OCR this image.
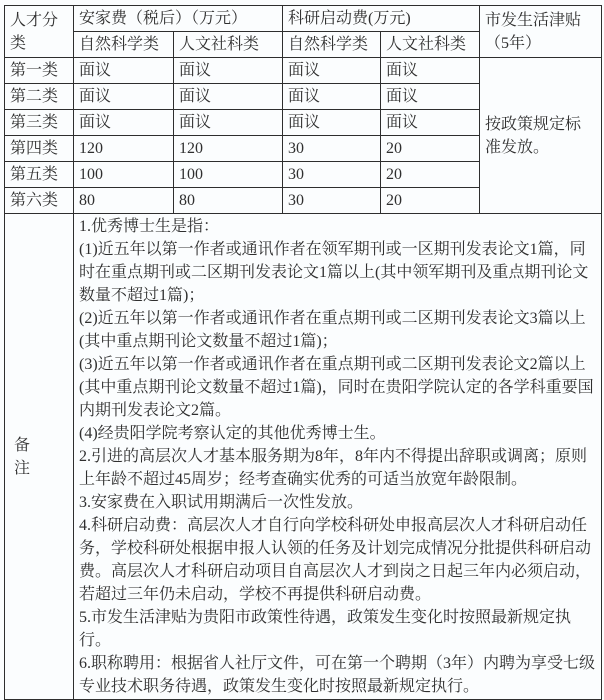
人才分类	安家费（税后）（万元）		科研启动费(万元)		市发生活津贴（5年）
	自然科学类	人文社科类	自然科学类	人文社科类	
第一类	面议	面议	面议	面议	按政策规定标准发放。
第二类	面议	面议	面议	面议	
第三类	面议	面议	面议	面议	
第四类	120	120	30	20	
第五类	100	100	30	20	
第六类	80	80	30	20	
备注	

1.优秀博士生是指：

(1)近五年以第一作者或通讯作者在领军期刊或一区期刊发表论文1篇，同时在重点期刊或二区期刊发表论文1篇以上(其中领军期刊及重点期刊论文数量不超过1篇)；

(2)近五年以第一作者或通讯作者在重点期刊或二区期刊发表论文3篇以上(其中重点期刊论文数量不超过1篇)；

(3)近五年以第一作者或通讯作者在重点期刊或二区期刊发表论文2篇以上(其中重点期刊论文数量不超过1篇)，同时在贵阳学院认定的各学科重要国内期刊发表论文2篇。

(4)经贵阳学院考察认定的其他优秀博士生。

2.引进的高层次人才基本服务期为8年，8年内不得提出辞职或调离；原则上年龄不超过45周岁；经考查确实优秀的可适当放宽年龄限制。

3.安家费在入职试用期满后一次性发放。

4.科研启动费：高层次人才自行向学校科研处申报高层次人才科研启动任务，学校科研处根据申报人认领的任务及计划完成情况分批提供科研启动费。高层次人才科研启动项目自高层次人才到岗之日起三年内必须启动，若超过三年仍未启动，学校不再提供科研启动费。

5.市发生活津贴为贵阳市政策性待遇，政策发生变化时按照最新规定执行。

6.职称聘用：根据省人社厅文件，可在第一个聘期（3年）内聘为享受七级专业技术职务待遇，政策发生变化时按照最新规定执行。
